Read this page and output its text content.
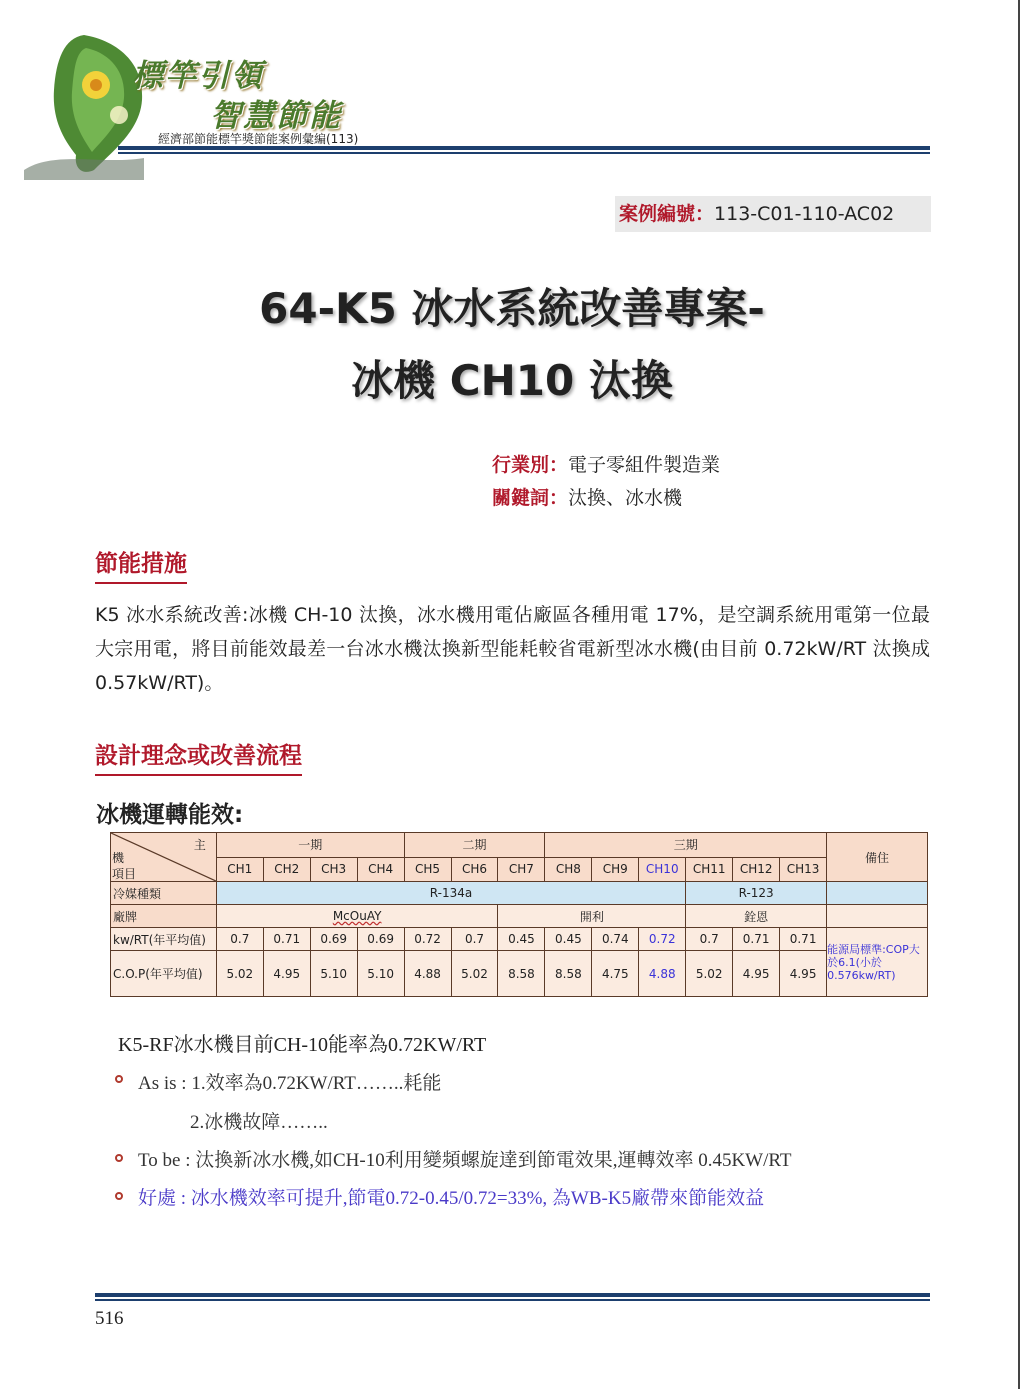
標竿引領
智慧節能
經濟部節能標竿獎節能案例彙編(113)
案例編號：113-C01-110-AC02
64-K5 冰水系統改善專案-
冰機 CH10 汰換
行業別：電子零組件製造業
關鍵詞：汰換、冰水機
節能措施
K5 冰水系統改善:冰機 CH-10 汰換，冰水機用電佔廠區各種用電 17%，是空調系統用電第一位最大宗用電，將目前能效最差一台冰水機汰換新型能耗較省電新型冰水機(由目前 0.72kW/RT 汰換成 0.57kW/RT)。
設計理念或改善流程
冰機運轉能效:
主
機
項目	一期				二期			三期						備住
	CH1	CH2	CH3	CH4	CH5	CH6	CH7	CH8	CH9	CH10	CH11	CH12	CH13	
冷媒種類	R-134a										R-123			
廠牌	McOuAY						開利				銓恩			
kw/RT(年平均值)	0.7	0.71	0.69	0.69	0.72	0.7	0.45	0.45	0.74	0.72	0.7	0.71	0.71	能源局標準:COP大於6.1(小於0.576kw/RT)
C.O.P(年平均值)	5.02	4.95	5.10	5.10	4.88	5.02	8.58	8.58	4.75	4.88	5.02	4.95	4.95	
K5-RF冰水機目前CH-10能率為0.72KW/RT
As is : 1.效率為0.72KW/RT……..耗能
2.冰機故障……..
To be : 汰換新冰水機,如CH-10利用變頻螺旋達到節電效果,運轉效率 0.45KW/RT
好處 : 冰水機效率可提升,節電0.72-0.45/0.72=33%, 為WB-K5廠帶來節能效益
516
